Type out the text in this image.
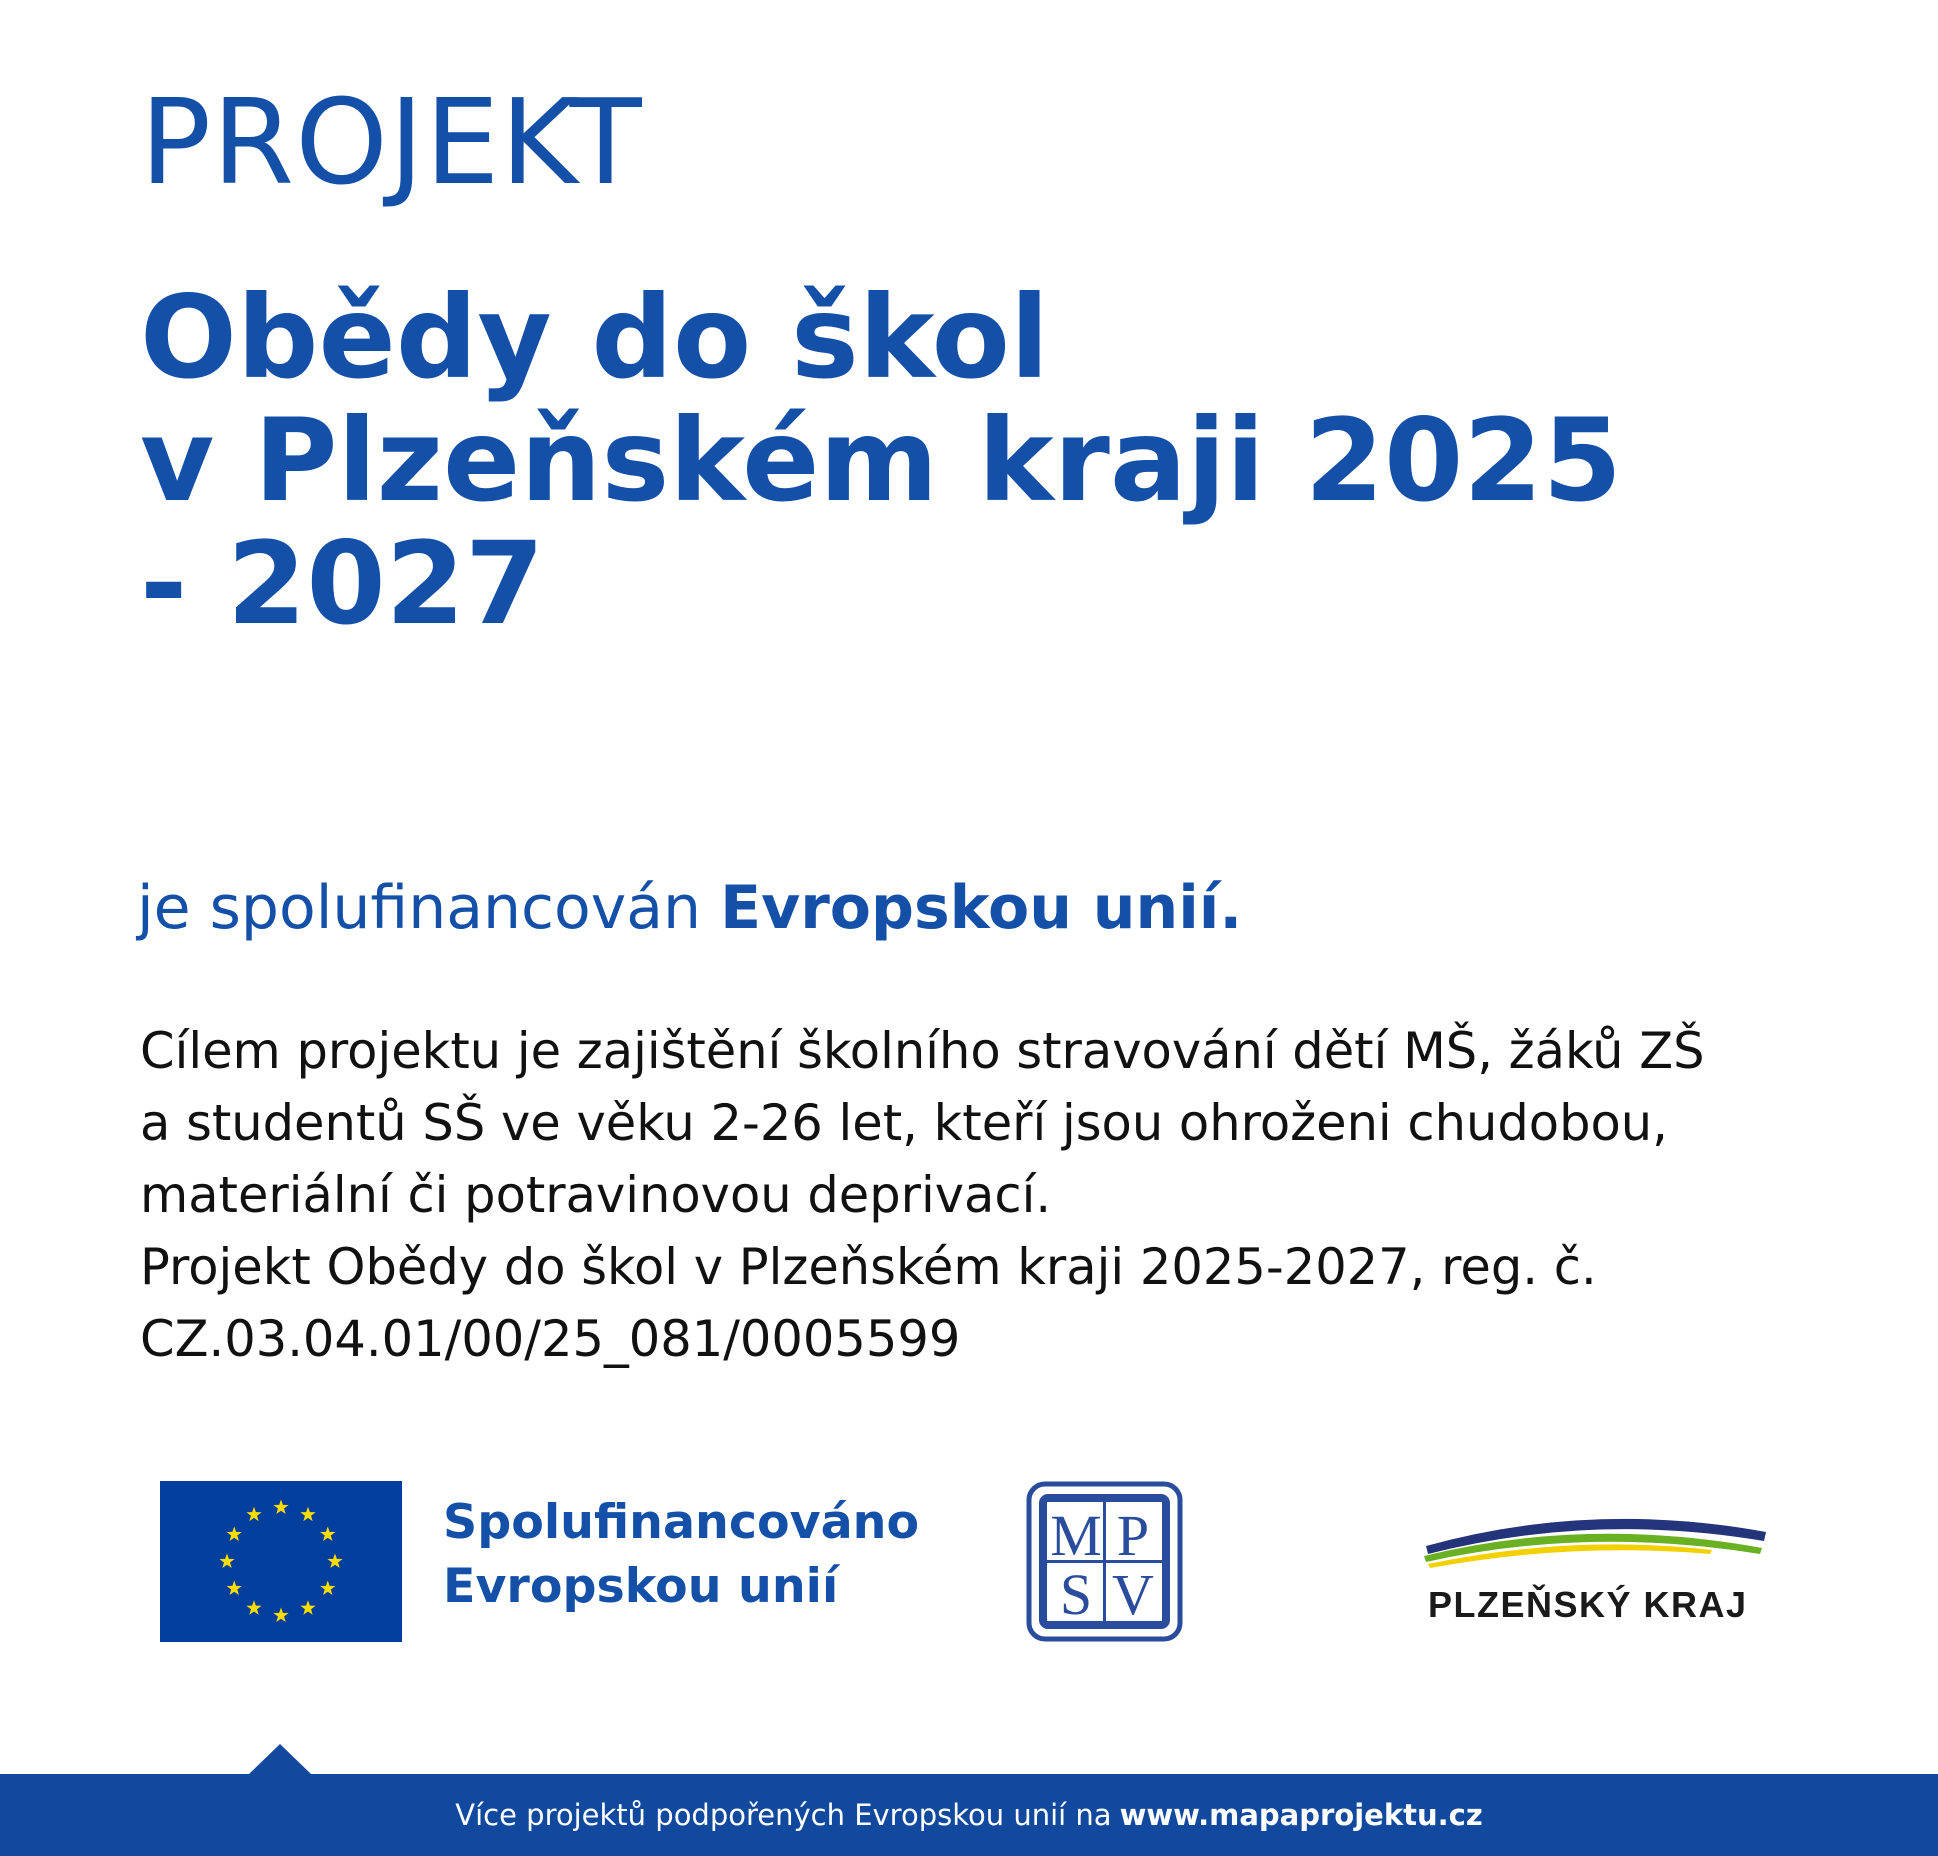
PROJEKT
Obědy do škol
v Plzeňském kraji 2025
- 2027

je spolufinancován Evropskou unií.

Cílem projektu je zajištění školního stravování dětí MŠ, žáků ZŠ
a studentů SŠ ve věku 2-26 let, kteří jsou ohroženi chudobou,
materiální či potravinovou deprivací.
Projekt Obědy do škol v Plzeňském kraji 2025-2027, reg. č.
CZ.03.04.01/00/25_081/0005599
Spolufinancováno
Evropskou unií
M P
S V	PLZEŇSKÝ KRAJ
Více projektů podpořených Evropskou unií na www.mapaprojektu.cz
